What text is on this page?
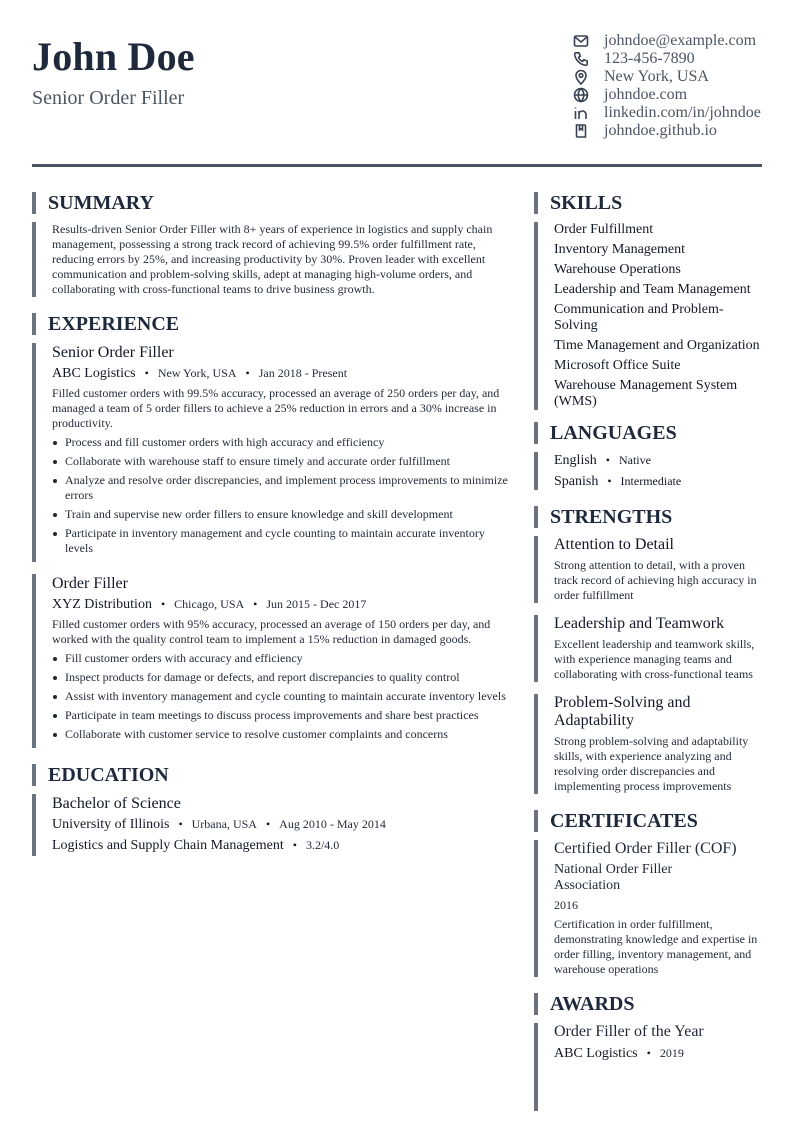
John Doe
Senior Order Filler
johndoe@example.com
123-456-7890
New York, USA
johndoe.com
linkedin.com/in/johndoe
johndoe.github.io
SUMMARY

Results-driven Senior Order Filler with 8+ years of experience in logistics and supply chain management, possessing a strong track record of achieving 99.5% order fulfillment rate, reducing errors by 25%, and increasing productivity by 30%. Proven leader with excellent communication and problem-solving skills, adept at managing high-volume orders, and collaborating with cross-functional teams to drive business growth.

EXPERIENCE
Senior Order Filler
ABC Logistics • New York, USA • Jan 2018 - Present

Filled customer orders with 99.5% accuracy, processed an average of 250 orders per day, and managed a team of 5 order fillers to achieve a 25% reduction in errors and a 30% increase in productivity.

Process and fill customer orders with high accuracy and efficiency
Collaborate with warehouse staff to ensure timely and accurate order fulfillment
Analyze and resolve order discrepancies, and implement process improvements to minimize errors
Train and supervise new order fillers to ensure knowledge and skill development
Participate in inventory management and cycle counting to maintain accurate inventory levels
Order Filler
XYZ Distribution • Chicago, USA • Jun 2015 - Dec 2017

Filled customer orders with 95% accuracy, processed an average of 150 orders per day, and worked with the quality control team to implement a 15% reduction in damaged goods.

Fill customer orders with accuracy and efficiency
Inspect products for damage or defects, and report discrepancies to quality control
Assist with inventory management and cycle counting to maintain accurate inventory levels
Participate in team meetings to discuss process improvements and share best practices
Collaborate with customer service to resolve customer complaints and concerns
EDUCATION
Bachelor of Science
University of Illinois • Urbana, USA • Aug 2010 - May 2014
Logistics and Supply Chain Management • 3.2/4.0
SKILLS
Order Fulfillment
Inventory Management
Warehouse Operations
Leadership and Team Management
Communication and Problem-Solving
Time Management and Organization
Microsoft Office Suite
Warehouse Management System (WMS)
LANGUAGES
English • Native
Spanish • Intermediate
STRENGTHS
Attention to Detail
Strong attention to detail, with a proven track record of achieving high accuracy in order fulfillment
Leadership and Teamwork
Excellent leadership and teamwork skills, with experience managing teams and collaborating with cross-functional teams
Problem-Solving and Adaptability
Strong problem-solving and adaptability skills, with experience analyzing and resolving order discrepancies and implementing process improvements
CERTIFICATES
Certified Order Filler (COF)
National Order Filler Association
2016
Certification in order fulfillment, demonstrating knowledge and expertise in order filling, inventory management, and warehouse operations
AWARDS
Order Filler of the Year
ABC Logistics • 2019
